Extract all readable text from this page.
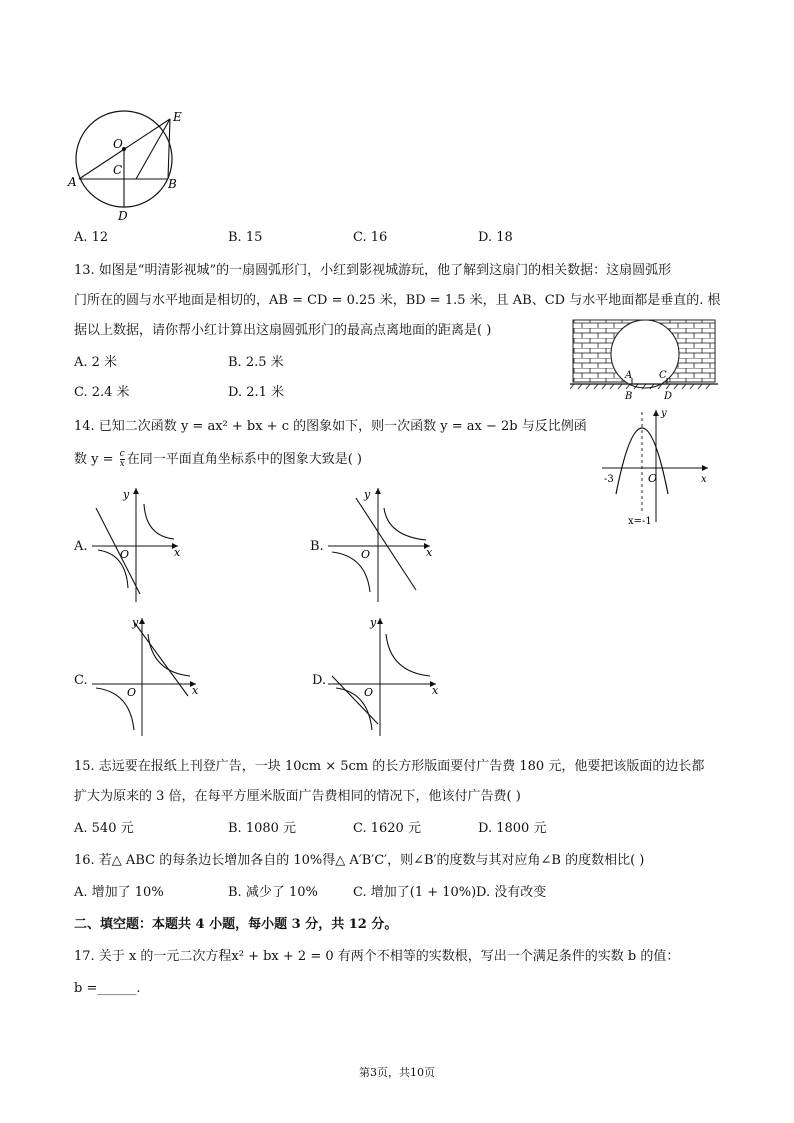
E
O
C
A	B
D
A. 12	B. 15	C. 16	D. 18
13. 如图是“明清影视城”的一扇圆弧形门，小红到影视城游玩，他了解到这扇门的相关数据：这扇圆弧形
门所在的圆与水平地面是相切的，AB = CD = 0.25 米，BD = 1.5 米，且 AB、CD 与水平地面都是垂直的. 根
据以上数据，请你帮小红计算出这扇圆弧形门的最高点离地面的距离是( )
A. 2 米	B. 2.5 米
C. 2.4 米	D. 2.1 米
A
B
C
D
14. 已知二次函数 y = ax² + bx + c 的图象如下，则一次函数 y = ax − 2b 与反比例函
数 $y = \frac{c}{x}$ 在同一平面直角坐标系中的图象大致是( )
y
x
O
-3
x=-1
A.
y
x
O
B.
y
x
O
C.
y
x
O
D.
y
x
O
15. 志远要在报纸上刊登广告，一块 10cm × 5cm 的长方形版面要付广告费 180 元，他要把该版面的边长都
扩大为原来的 3 倍，在每平方厘米版面广告费相同的情况下，他该付广告费( )
A. 540 元	B. 1080 元	C. 1620 元	D. 1800 元
16. 若△ ABC 的每条边长增加各自的 10%得△ A′B′C′，则∠B′的度数与其对应角∠B 的度数相比( )
A. 增加了 10%	B. 减少了 10%	C. 增加了(1 + 10%) D. 没有改变
二、填空题：本题共 4 小题，每小题 3 分，共 12 分。
17. 关于 x 的一元二次方程x² + bx + 2 = 0 有两个不相等的实数根，写出一个满足条件的实数 b 的值：
b =______.
第3页，共10页
